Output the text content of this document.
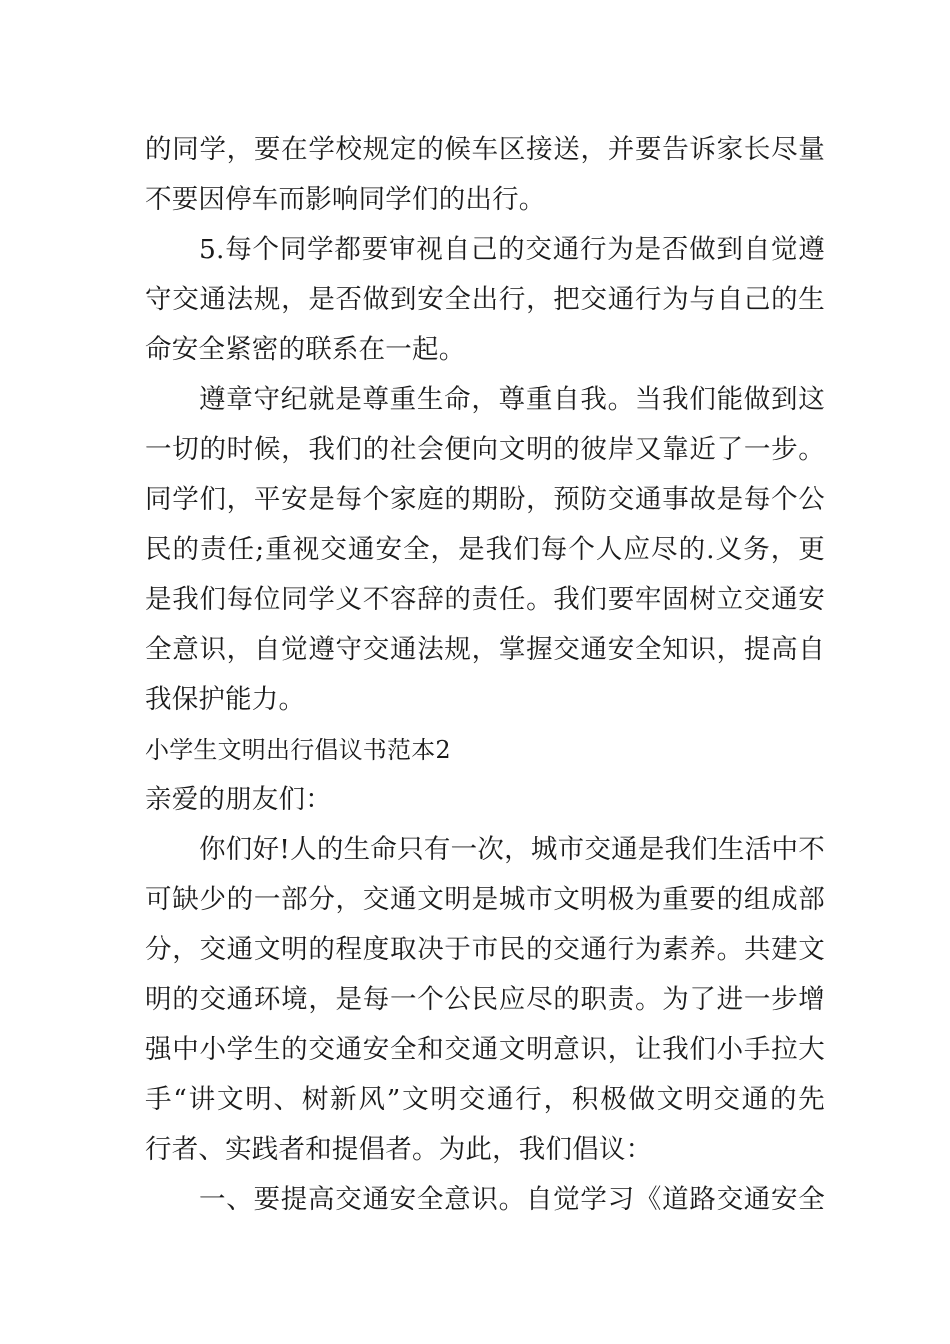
的同学，要在学校规定的候车区接送，并要告诉家长尽量
不要因停车而影响同学们的出行。
5.每个同学都要审视自己的交通行为是否做到自觉遵
守交通法规，是否做到安全出行，把交通行为与自己的生
命安全紧密的联系在一起。
遵章守纪就是尊重生命，尊重自我。当我们能做到这
一切的时候，我们的社会便向文明的彼岸又靠近了一步。
同学们，平安是每个家庭的期盼，预防交通事故是每个公
民的责任;重视交通安全，是我们每个人应尽的.义务，更
是我们每位同学义不容辞的责任。我们要牢固树立交通安
全意识，自觉遵守交通法规，掌握交通安全知识，提高自
我保护能力。
小学生文明出行倡议书范本2
亲爱的朋友们：
你们好!人的生命只有一次，城市交通是我们生活中不
可缺少的一部分，交通文明是城市文明极为重要的组成部
分，交通文明的程度取决于市民的交通行为素养。共建文
明的交通环境，是每一个公民应尽的职责。为了进一步增
强中小学生的交通安全和交通文明意识，让我们小手拉大
手“讲文明、树新风”文明交通行，积极做文明交通的先
行者、实践者和提倡者。为此，我们倡议：
一、要提高交通安全意识。自觉学习《道路交通安全
